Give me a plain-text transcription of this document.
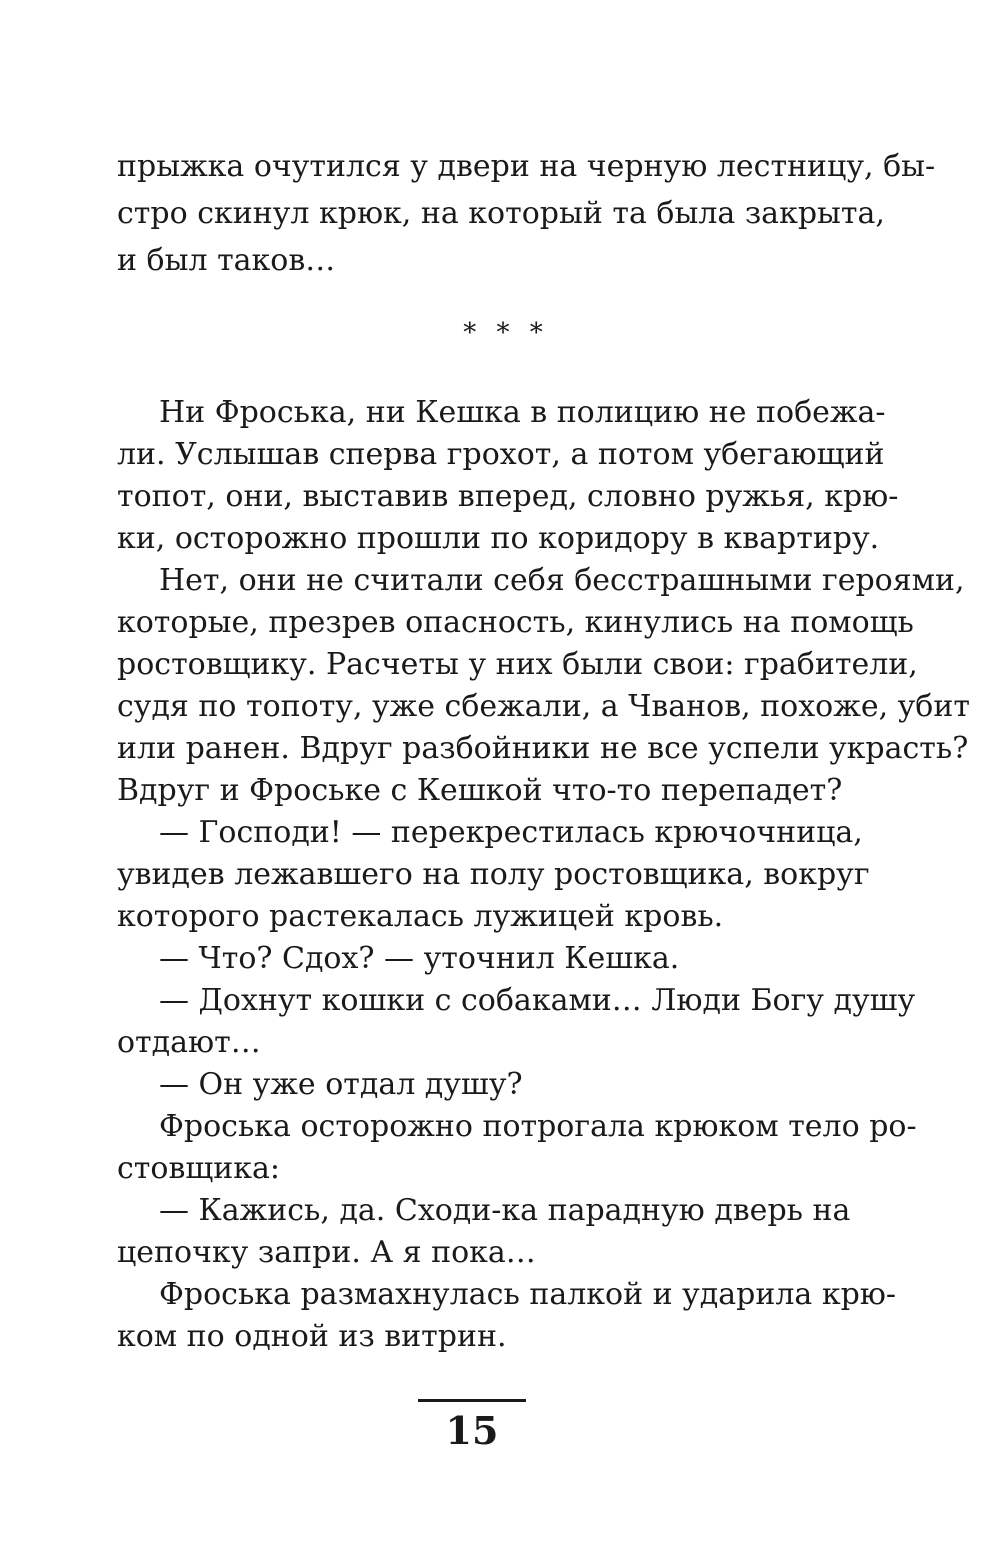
прыжка очутился у двери на черную лестницу, бы-
стро скинул крюк, на который та была закрыта,
и был таков…
* * *
Ни Фроська, ни Кешка в полицию не побежа-
ли. Услышав сперва грохот, а потом убегающий
топот, они, выставив вперед, словно ружья, крю-
ки, осторожно прошли по коридору в квартиру.
Нет, они не считали себя бесстрашными героями,
которые, презрев опасность, кинулись на помощь
ростовщику. Расчеты у них были свои: грабители,
судя по топоту, уже сбежали, а Чванов, похоже, убит
или ранен. Вдруг разбойники не все успели украсть?
Вдруг и Фроське с Кешкой что-то перепадет?
— Господи! — перекрестилась крючочница,
увидев лежавшего на полу ростовщика, вокруг
которого растекалась лужицей кровь.
— Что? Сдох? — уточнил Кешка.
— Дохнут кошки с собаками… Люди Богу душу
отдают…
— Он уже отдал душу?
Фроська осторожно потрогала крюком тело ро-
стовщика:
— Кажись, да. Сходи-ка парадную дверь на
цепочку запри. А я пока…
Фроська размахнулась палкой и ударила крю-
ком по одной из витрин.
15
